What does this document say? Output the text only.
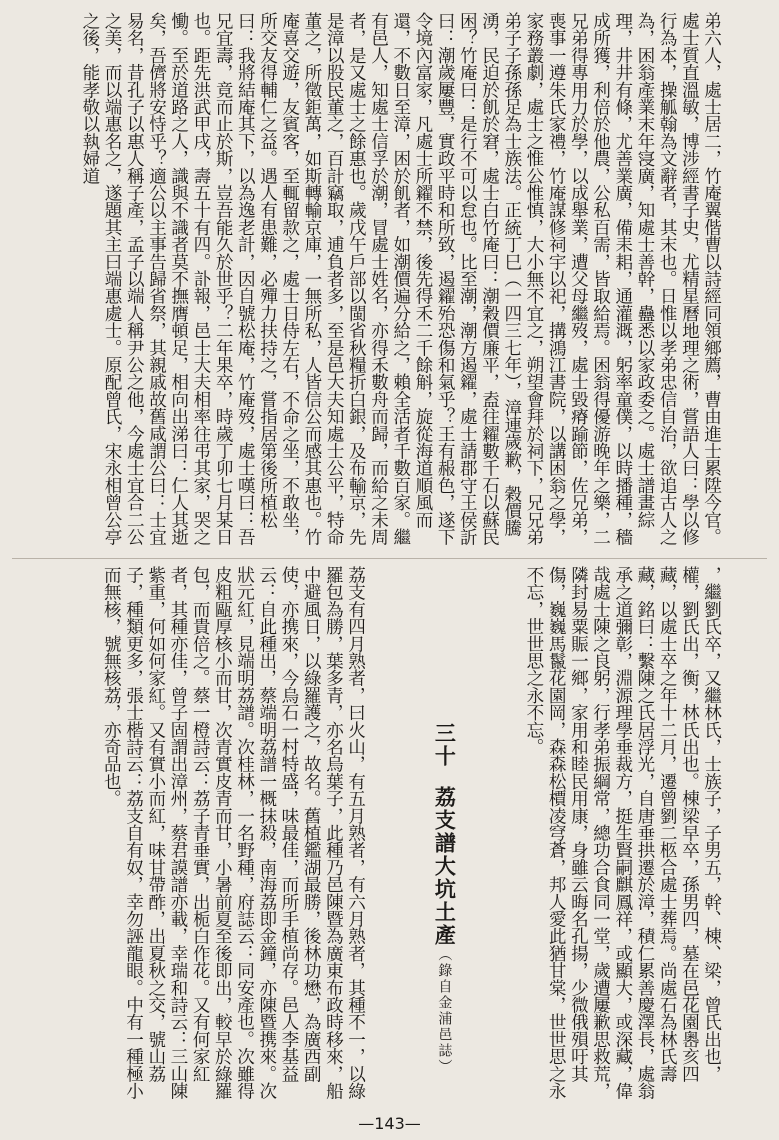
弟六人，處士居二，竹庵翼偕曹以詩經同領鄉薦，曹由進士累陞今官。處士質直溫敏，博涉經書子史，尤精星曆地理之術，嘗語人曰：學以修行為本，操觚翰為文辭者，其末也。日惟以孝弟忠信自治，欲追古人之為，困翁產業末年寖廣，知處士善幹，蠱悉以家政委之。處士譜畫綜理，井井有條，尤善業廣，備耒耜，通灌溉，躬率童僕，以時播種，穡成所獲，利倍於他農，公私百需，皆取給焉。困翁得優游晚年之樂，二兄弟得專用力於學，以成舉業，遭父母繼歿，處士毀瘠踰節，佐兄弟，喪事一遵朱氏家禮，竹庵謀修祠宇以祀，搆鴻江書院，以講困翁之學，家務叢劇，處士之惟公惟慎，大小無不宜之，朔望會拜於祠下，兄兄弟弟子子孫孫足為士族法。正統丁巳（一四三七年），漳連歲歉，穀價騰湧，民迫於飢於窘，處士白竹庵曰：潮穀價廉平，盍往糴數千石以蘇民困？竹庵曰：是行不可以怠也。比至潮，潮方遏糴，處士請郡守王侯訢曰：潮歲屢豐，實政平時和所致，遏糴殆恐傷和氣乎？王有赧色，遂下令境內富家，凡處士所糴不禁，後先得禾二千餘斛，旋從海道順風而還，不數日至漳，困於飢者，如潮價遍分給之，賴全活者千數百家。繼有邑人，知處士信孚於潮，冒處士姓名，亦得禾數舟而歸，而給之未周者，是又處士之餘惠也。歲戊午戶部以閩省秋糧折白銀，及布輸京，先是漳以股民董之，百計竊取，逋負者多，至是邑大夫知處士公平，特命董之，所徵鉅萬，如斯轉輸京庫，一無所私，人皆信公而感其惠也。竹庵喜交遊，友賓客，至輒留款之，處士日侍左右，不命之坐，不敢坐，所交友得輔仁之益。遇人有患難，必殫力扶持之，嘗指居第後所植松曰：我將結庵其下，以為逸老計，因自號松庵，竹庵歿，處士嘆曰：吾兄宜壽，竟而止於斯，豈吾能久於世乎？二年果卒，時歲丁卯七月某日也。距先洪武甲戌，壽五十有四。訃報，邑士大夫相率往弔其家，哭之慟。至於道路之人，識與不識者莫不撫膺頓足，相向出涕曰：仁人其逝矣，吾儕將安恃乎？適公以主事告歸省祭，其親戚故舊咸謂公曰：士宜易名，昔孔子以惠人稱子產，孟子以端人稱尹公之他，今處士宜合二公之美，而以端惠名之，遂題其主曰端惠處士。原配曾氏，宋永相曾公亭之後，能孝敬以執婦道

，繼劉氏卒，又繼林氏，士族子，子男五，幹、棟、梁，曾氏出也，權，劉氏出，衡，林氏出也。棟梁早卒，孫男四，墓在邑花園嶴亥四藏，以處士卒之年十二月，遷曾劉二柩合處士葬焉。尚處石為林氏壽藏，銘曰：繫陳之氏居浮光，自唐垂拱遷於漳，積仁累善慶澤長，處翁承之道彌彰，淵源理學垂裁方，挺生賢嗣麒鳳祥，或顯大，或深藏，偉哉處士陳之良躬，行孝弟振綱常，總功合食同一堂，歲遭屢歉思救荒，隣封易粟賑一鄉，家用和睦民用康，身雖云晦名孔揚，少微俄殞吁其傷，巍巍馬鬣花園岡，森森松檟凌穹蒼，邦人愛此猶甘棠，世世思之永不忘，世世思之永不忘。

三十荔支譜大坑土產（錄自金浦邑誌）

荔支有四月熟者，曰火山，有五月熟者，有六月熟者，其種不一，以綠羅包為勝，葉多青，亦名烏葉子，此種乃邑陳暨為廣東布政時移來，船中避風日，以綠羅護之，故名。舊植鑑湖最勝，後林功懋，為廣西副使，亦携來，今烏石一村特盛，味最佳，而所手植尚存。邑人李基益云：自此種出，蔡端明荔譜一概抹殺，南海荔即金鐘，亦陳暨携來。次狀元紅，見端明荔譜。次桂林，一名野種，府誌云：同安產也。次雖得皮粗甌厚核小而甘，次青實皮青而甘，小暑前夏至後即出，較早於綠羅包，而貴倍之。蔡一橙詩云：荔子青垂實，出栀白作花。又有何家紅者，其種亦佳，曾子固謂出漳州，蔡君謨譜亦載，幸瑞和詩云：三山陳紫重，何如何家紅。又有實小而紅，味甘帶酢，出夏秋之交，號山荔子，種類更多，張士楷詩云：荔支自有奴，幸勿誣龍眼。中有一種極小而無核，號無核荔，亦奇品也。

—143—
